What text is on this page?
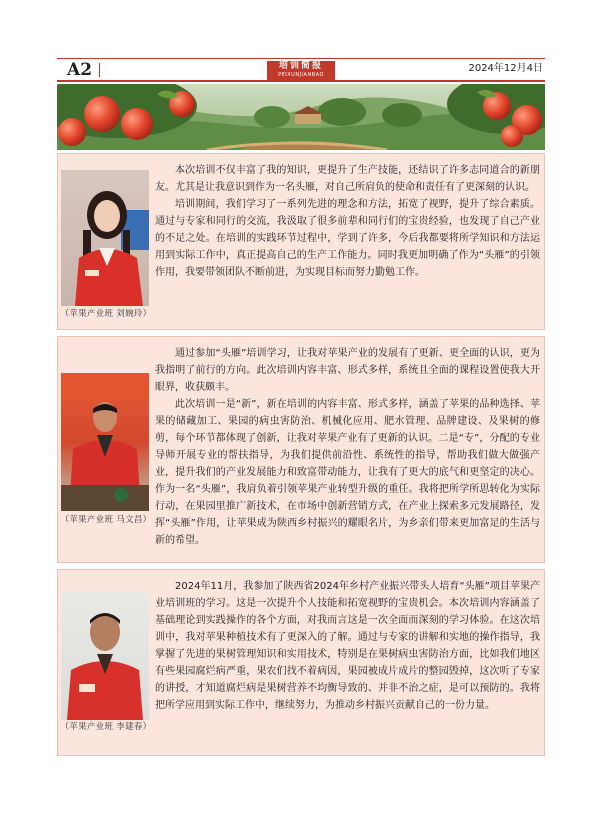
A2	培训简报
PEIXUNJIANBAO
2024年12月4日
（苹果产业班 刘婉玲）

本次培训不仅丰富了我的知识，更提升了生产技能，还结识了许多志同道合的新朋友。尤其是让我意识到作为一名头雁，对自己所肩负的使命和责任有了更深刻的认识。

培训期间，我们学习了一系列先进的理念和方法，拓宽了视野，提升了综合素质。通过与专家和同行的交流，我汲取了很多前辈和同行们的宝贵经验，也发现了自己产业的不足之处。在培训的实践环节过程中，学到了许多，今后我都要将所学知识和方法运用到实际工作中，真正提高自己的生产工作能力。同时我更加明确了作为“头雁”的引领作用，我要带领团队不断前进，为实现目标而努力勤勉工作。

（苹果产业班 马文昌）

通过参加“头雁”培训学习，让我对苹果产业的发展有了更新、更全面的认识，更为我指明了前行的方向。此次培训内容丰富、形式多样，系统且全面的课程设置使我大开眼界，收获颇丰。

此次培训一是“新”，新在培训的内容丰富、形式多样，涵盖了苹果的品种选择、苹果的储藏加工、果园的病虫害防治、机械化应用、肥水管理、品牌建设、及果树的修剪，每个环节都体现了创新，让我对苹果产业有了更新的认识。二是“专”，分配的专业导师开展专业的帮扶指导，为我们提供前沿性、系统性的指导，帮助我们做大做强产业，提升我们的产业发展能力和致富带动能力，让我有了更大的底气和更坚定的决心。作为一名“头雁”，我肩负着引领苹果产业转型升级的重任。我将把所学所思转化为实际行动，在果园里推广新技术，在市场中创新营销方式，在产业上探索多元发展路径，发挥“头雁”作用，让苹果成为陕西乡村振兴的耀眼名片，为乡亲们带来更加富足的生活与新的希望。

（苹果产业班 李建春）

2024年11月，我参加了陕西省2024年乡村产业振兴带头人培育“头雁”项目苹果产业培训班的学习。这是一次提升个人技能和拓宽视野的宝贵机会。本次培训内容涵盖了基础理论到实践操作的各个方面，对我而言这是一次全面而深刻的学习体验。在这次培训中，我对苹果种植技术有了更深入的了解。通过与专家的讲解和实地的操作指导，我掌握了先进的果树管理知识和实用技术，特别是在果树病虫害防治方面，比如我们地区有些果园腐烂病严重，果农们找不着病因，果园被成片成片的整园毁掉，这次听了专家的讲授，才知道腐烂病是果树营养不均衡导致的、并非不治之症，是可以预防的。我将把所学应用到实际工作中，继续努力，为推动乡村振兴贡献自己的一份力量。
